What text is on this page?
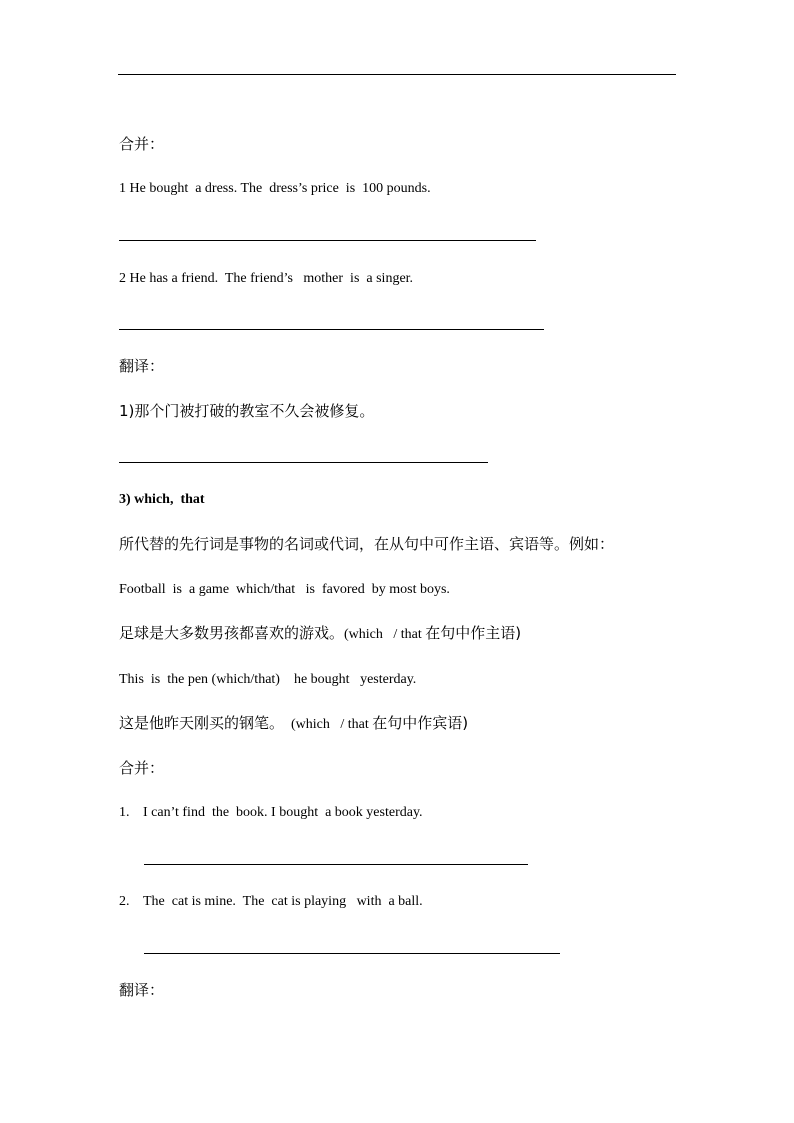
合并：
1 He bought  a dress. The  dress’s price  is  100 pounds.
2 He has a friend.  The friend’s   mother  is  a singer.
翻译：
1)那个门被打破的教室不久会被修复。
3) which,  that
所代替的先行词是事物的名词或代词，在从句中可作主语、宾语等。例如：
Football  is  a game  which/that   is  favored  by most boys.
足球是大多数男孩都喜欢的游戏。(which   / that 在句中作主语)
This  is  the pen (which/that)    he bought   yesterday.
这是他昨天刚买的钢笔。  (which   / that 在句中作宾语)
合并：
1. I can’t find  the  book. I bought  a book yesterday.
2. The  cat is mine.  The  cat is playing   with  a ball.
翻译：
